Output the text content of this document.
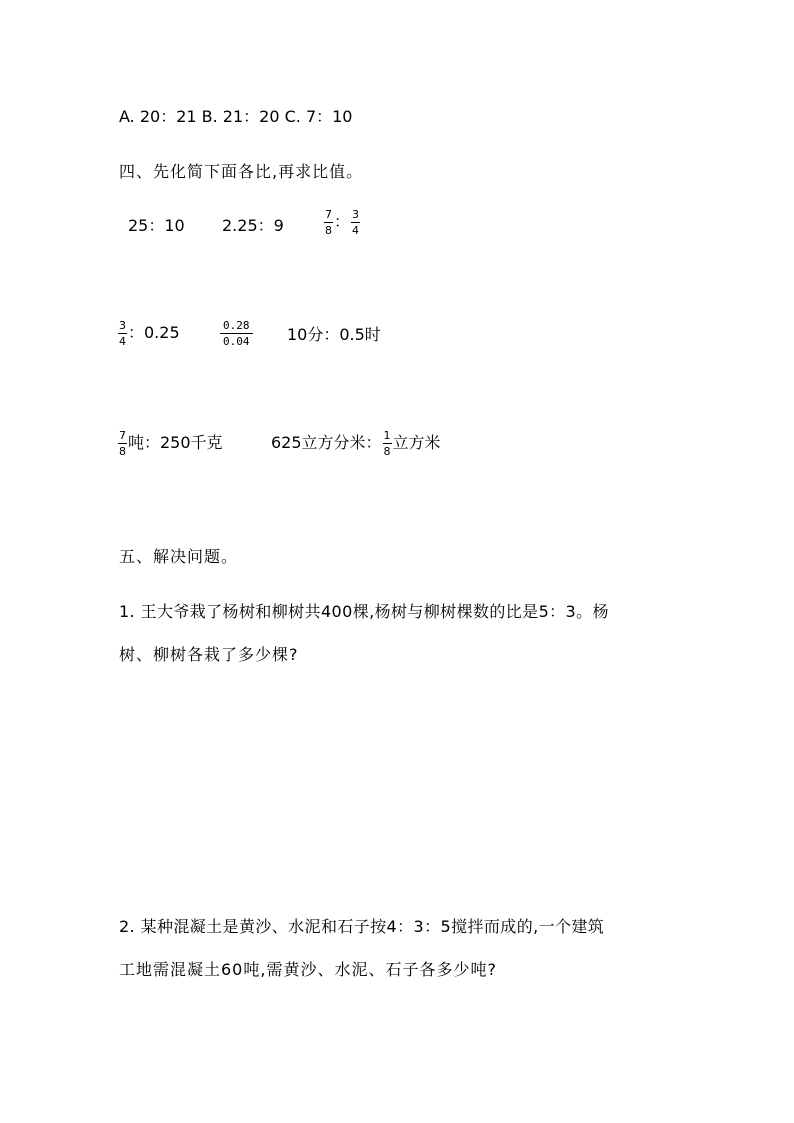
A. 20：21 B. 21：20 C. 7：10
四、先化简下面各比,再求比值。
25：10 2.25：9	$\frac{7}{8}$ ： $\frac{3}{4}$
$\frac{3}{4}$ ：0.25	$\frac{0.28}{0.04} 10$分：0.5时
$\frac{7}{8}$ 吨：250千克	625立方分米： $\frac{1}{8}$ 立方米
五、解决问题。
1. 王大爷栽了杨树和柳树共400棵,杨树与柳树棵数的比是5：3。杨
树、柳树各栽了多少棵?
2. 某种混凝土是黄沙、水泥和石子按4：3：5搅拌而成的,一个建筑
工地需混凝土60吨,需黄沙、水泥、石子各多少吨?
